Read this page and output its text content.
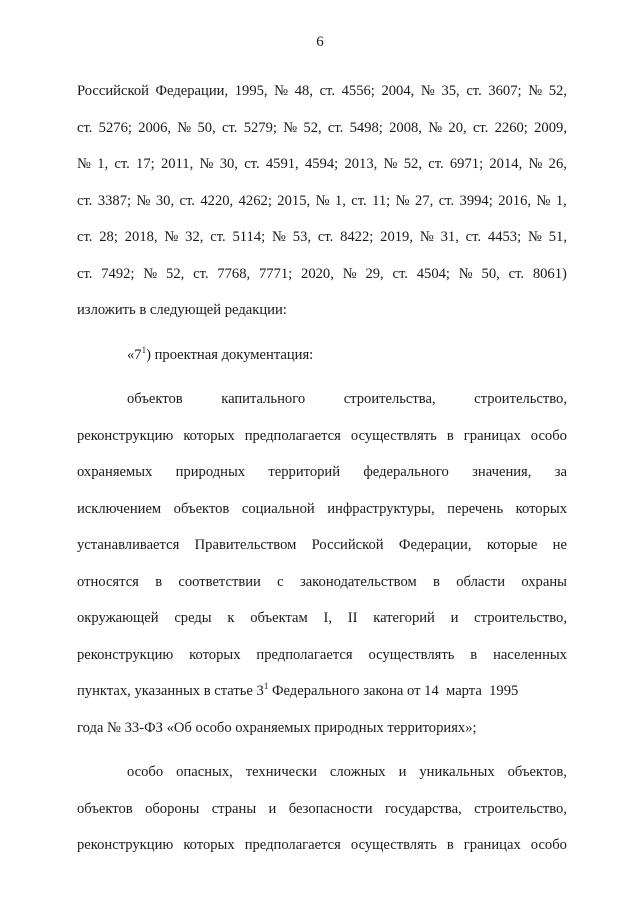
6
Российской Федерации, 1995, № 48, ст. 4556; 2004, № 35, ст. 3607; № 52,
ст. 5276; 2006, № 50, ст. 5279; № 52, ст. 5498; 2008, № 20, ст. 2260; 2009,
№ 1, ст. 17; 2011, № 30, ст. 4591, 4594; 2013, № 52, ст. 6971; 2014, № 26,
ст. 3387; № 30, ст. 4220, 4262; 2015, № 1, ст. 11; № 27, ст. 3994; 2016, № 1,
ст. 28; 2018, № 32, ст. 5114; № 53, ст. 8422; 2019, № 31, ст. 4453; № 51,
ст. 7492; № 52, ст. 7768, 7771; 2020, № 29, ст. 4504; № 50, ст. 8061)
изложить в следующей редакции:
«$7^1$) проектная документация:
объектов	капитального	строительства,	строительство,
реконструкцию которых предполагается осуществлять в границах особо
охраняемых природных территорий федерального значения, за
исключением объектов социальной инфраструктуры, перечень которых
устанавливается Правительством Российской Федерации, которые не
относятся в соответствии с законодательством в области охраны
окружающей среды к объектам I, II категорий и строительство,
реконструкцию которых предполагается осуществлять в населенных
пунктах, указанных в статье $3^1$ Федерального закона от 14  марта  1995
года № 33-ФЗ «Об особо охраняемых природных территориях»;
особо опасных, технически сложных и уникальных объектов,
объектов обороны страны и безопасности государства, строительство,
реконструкцию которых предполагается осуществлять в границах особо
